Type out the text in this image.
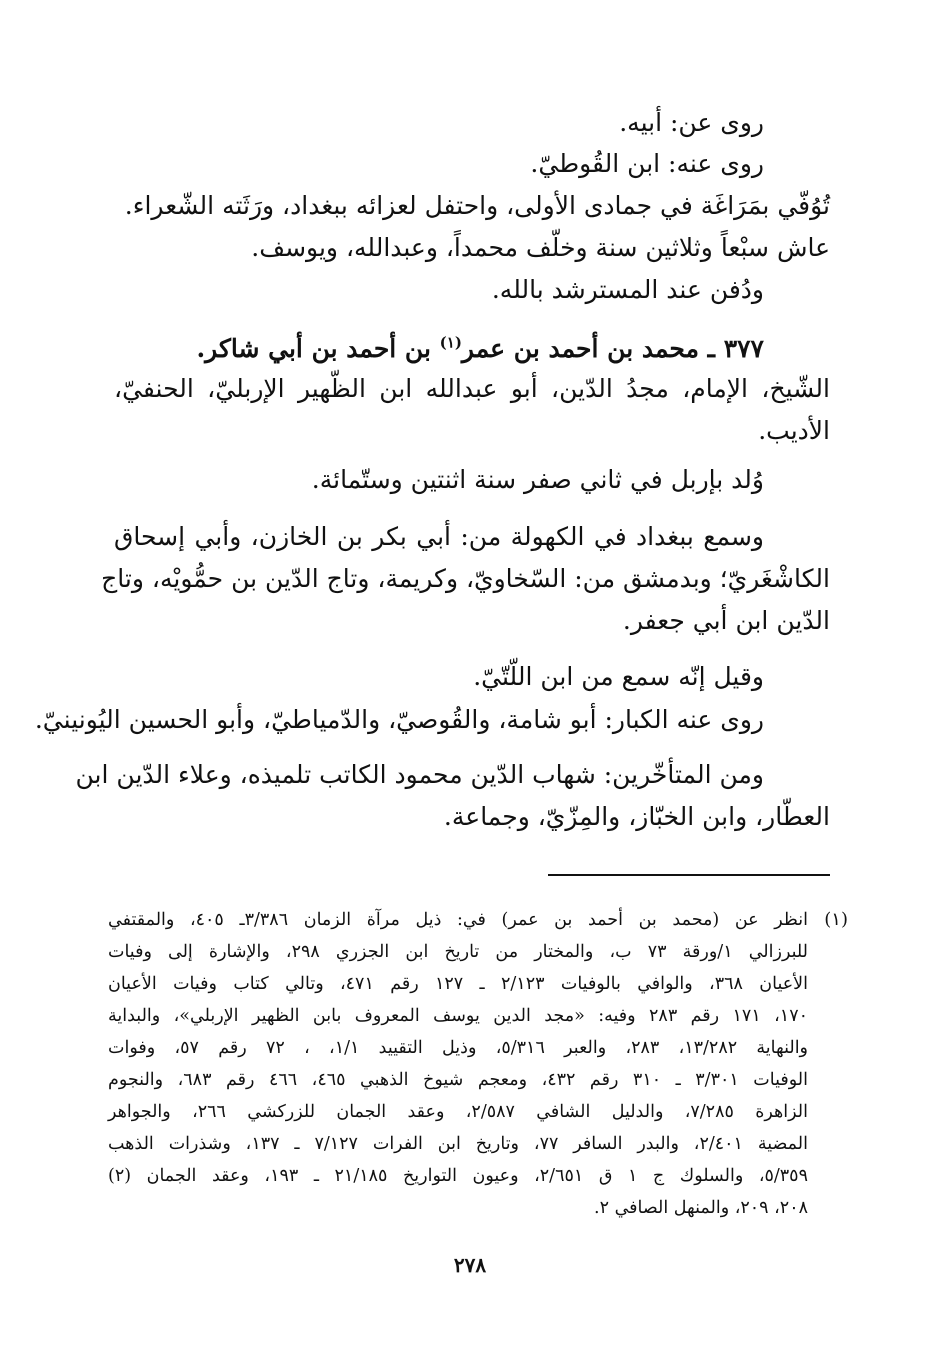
روى عن: أبيه.

روى عنه: ابن القُوطيّ.

تُوُفّي بمَرَاغَة في جمادى الأولى، واحتفل لعزائه ببغداد، ورَثَته الشّعراء.

عاش سبْعاً وثلاثين سنة وخلّف محمداً، وعبدالله، ويوسف.

ودُفن عند المسترشد بالله.

٣٧٧ ـ محمد بن أحمد بن عمر$^{(١)}$ بن أحمد بن أبي شاكر.

الشّيخ، الإمام، مجدُ الدّين، أبو عبدالله ابن الظّهير الإربليّ، الحنفيّ،

الأديب.

وُلد بإربل في ثاني صفر سنة اثنتين وستّمائة.

وسمع ببغداد في الكهولة من: أبي بكر بن الخازن، وأبي إسحاق

الكاشْغَريّ؛ وبدمشق من: السّخاويّ، وكريمة، وتاج الدّين بن حمُّويْه، وتاج

الدّين ابن أبي جعفر.

وقيل إنّه سمع من ابن اللّتّيّ.

روى عنه الكبار: أبو شامة، والقُوصيّ، والدّمياطيّ، وأبو الحسين اليُونينيّ.

ومن المتأخّرين: شهاب الدّين محمود الكاتب تلميذه، وعلاء الدّين ابن

العطّار، وابن الخبّاز، والمِزّيّ، وجماعة.

(١)

انظر عن (محمد بن أحمد بن عمر) في: ذيل مرآة الزمان ٣/٣٨٦ـ ٤٠٥، والمقتفي

للبرزالي ١/ورقة ٧٣ ب، والمختار من تاريخ ابن الجزري ٢٩٨، والإشارة إلى وفيات

الأعيان ٣٦٨، والوافي بالوفيات ٢/١٢٣ ـ ١٢٧ رقم ٤٧١، وتالي كتاب وفيات الأعيان

١٧٠، ١٧١ رقم ٢٨٣ وفيه: «مجد الدين يوسف المعروف بابن الظهير الإربلي»، والبداية

والنهاية ١٣/٢٨٢، ٢٨٣، والعبر ٥/٣١٦، وذيل التقييد ١/١، ، ٧٢ رقم ٥٧، وفوات

الوفيات ٣/٣٠١ ـ ٣١٠ رقم ٤٣٢، ومعجم شيوخ الذهبي ٤٦٥، ٤٦٦ رقم ٦٨٣، والنجوم

الزاهرة ٧/٢٨٥، والدليل الشافي ٢/٥٨٧، وعقد الجمان للزركشي ٢٦٦، والجواهر

المضية ٢/٤٠١، والبدر السافر ٧٧، وتاريخ ابن الفرات ٧/١٢٧ ـ ١٣٧، وشذرات الذهب

٥/٣٥٩، والسلوك ج ١ ق ٢/٦٥١، وعيون التواريخ ٢١/١٨٥ ـ ١٩٣، وعقد الجمان (٢)

٢٠٨، ٢٠٩، والمنهل الصافي ٢.

٢٧٨
